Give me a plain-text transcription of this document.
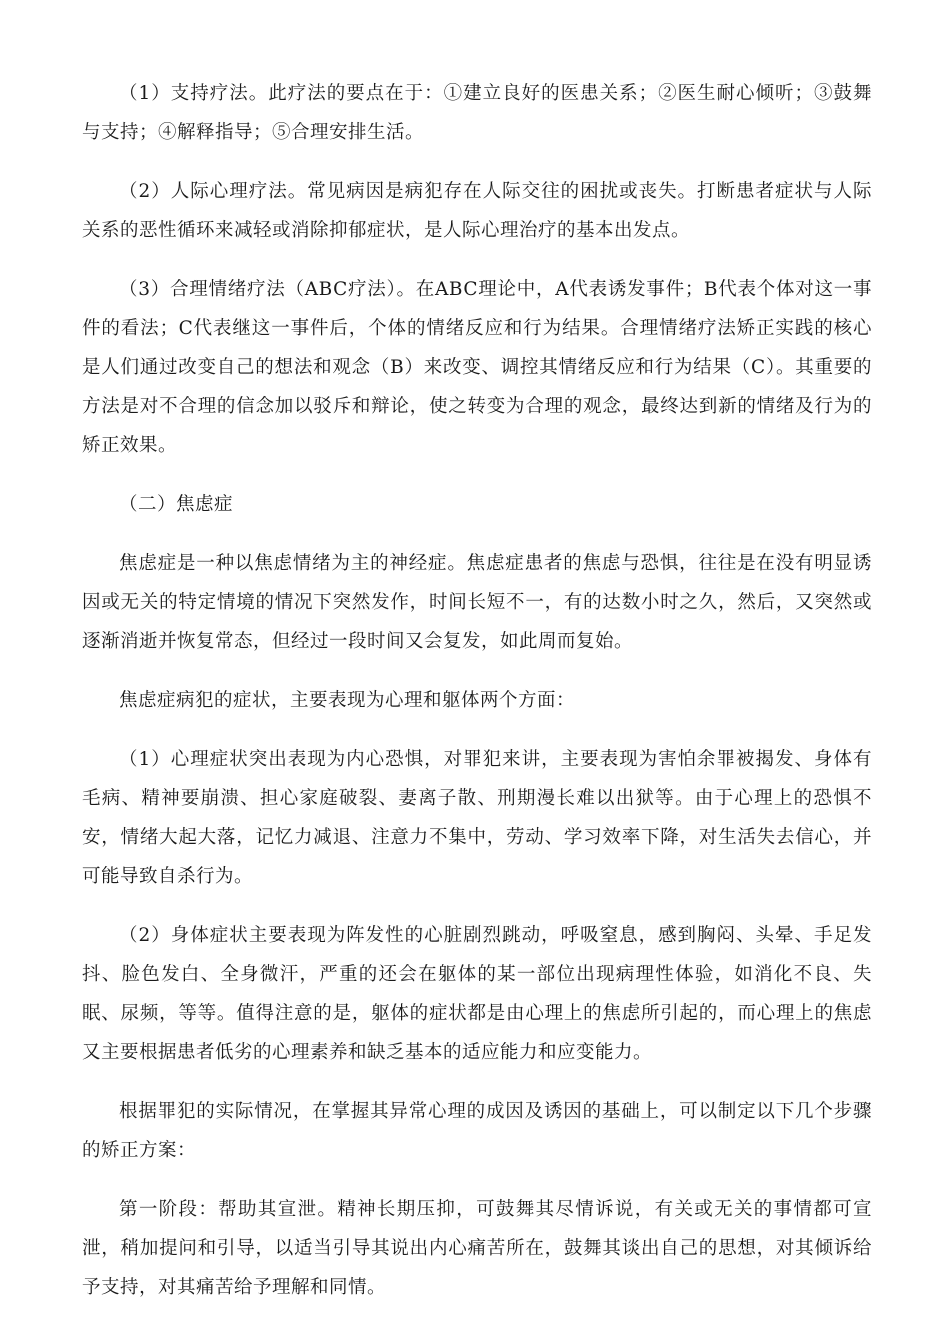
（1）支持疗法。此疗法的要点在于：①建立良好的医患关系；②医生耐心倾听；③鼓舞与支持；④解释指导；⑤合理安排生活。

（2）人际心理疗法。常见病因是病犯存在人际交往的困扰或丧失。打断患者症状与人际关系的恶性循环来减轻或消除抑郁症状，是人际心理治疗的基本出发点。

（3）合理情绪疗法（ABC疗法）。在ABC理论中，A代表诱发事件；B代表个体对这一事件的看法；C代表继这一事件后，个体的情绪反应和行为结果。合理情绪疗法矫正实践的核心是人们通过改变自己的想法和观念（B）来改变、调控其情绪反应和行为结果（C）。其重要的方法是对不合理的信念加以驳斥和辩论，使之转变为合理的观念，最终达到新的情绪及行为的矫正效果。

（二）焦虑症

焦虑症是一种以焦虑情绪为主的神经症。焦虑症患者的焦虑与恐惧，往往是在没有明显诱因或无关的特定情境的情况下突然发作，时间长短不一，有的达数小时之久，然后，又突然或逐渐消逝并恢复常态，但经过一段时间又会复发，如此周而复始。

焦虑症病犯的症状，主要表现为心理和躯体两个方面：

（1）心理症状突出表现为内心恐惧，对罪犯来讲，主要表现为害怕余罪被揭发、身体有毛病、精神要崩溃、担心家庭破裂、妻离子散、刑期漫长难以出狱等。由于心理上的恐惧不安，情绪大起大落，记忆力减退、注意力不集中，劳动、学习效率下降，对生活失去信心，并可能导致自杀行为。

（2）身体症状主要表现为阵发性的心脏剧烈跳动，呼吸窒息，感到胸闷、头晕、手足发抖、脸色发白、全身微汗，严重的还会在躯体的某一部位出现病理性体验，如消化不良、失眠、尿频，等等。值得注意的是，躯体的症状都是由心理上的焦虑所引起的，而心理上的焦虑又主要根据患者低劣的心理素养和缺乏基本的适应能力和应变能力。

根据罪犯的实际情况，在掌握其异常心理的成因及诱因的基础上，可以制定以下几个步骤的矫正方案：

第一阶段：帮助其宣泄。精神长期压抑，可鼓舞其尽情诉说，有关或无关的事情都可宣泄，稍加提问和引导，以适当引导其说出内心痛苦所在，鼓舞其谈出自己的思想，对其倾诉给予支持，对其痛苦给予理解和同情。
